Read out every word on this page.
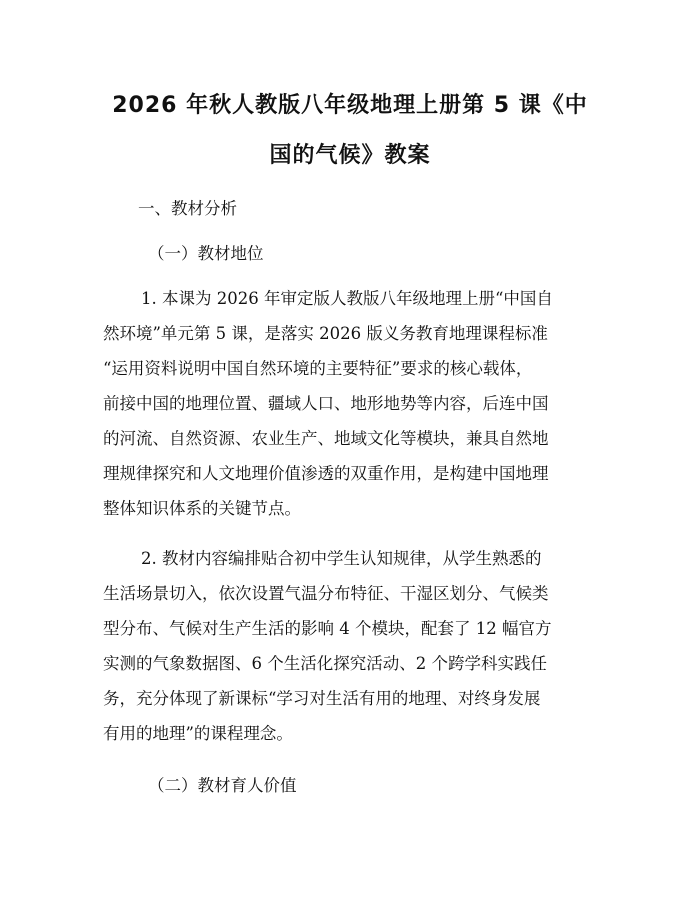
2026 年秋人教版八年级地理上册第 5 课《中
国的气候》教案

一、教材分析

（一）教材地位

1. 本课为 2026 年审定版人教版八年级地理上册“中国自
然环境”单元第 5 课，是落实 2026 版义务教育地理课程标准
“运用资料说明中国自然环境的主要特征”要求的核心载体，
前接中国的地理位置、疆域人口、地形地势等内容，后连中国
的河流、自然资源、农业生产、地域文化等模块，兼具自然地
理规律探究和人文地理价值渗透的双重作用，是构建中国地理
整体知识体系的关键节点。
2. 教材内容编排贴合初中学生认知规律，从学生熟悉的
生活场景切入，依次设置气温分布特征、干湿区划分、气候类
型分布、气候对生产生活的影响 4 个模块，配套了 12 幅官方
实测的气象数据图、6 个生活化探究活动、2 个跨学科实践任
务，充分体现了新课标“学习对生活有用的地理、对终身发展
有用的地理”的课程理念。

（二）教材育人价值
